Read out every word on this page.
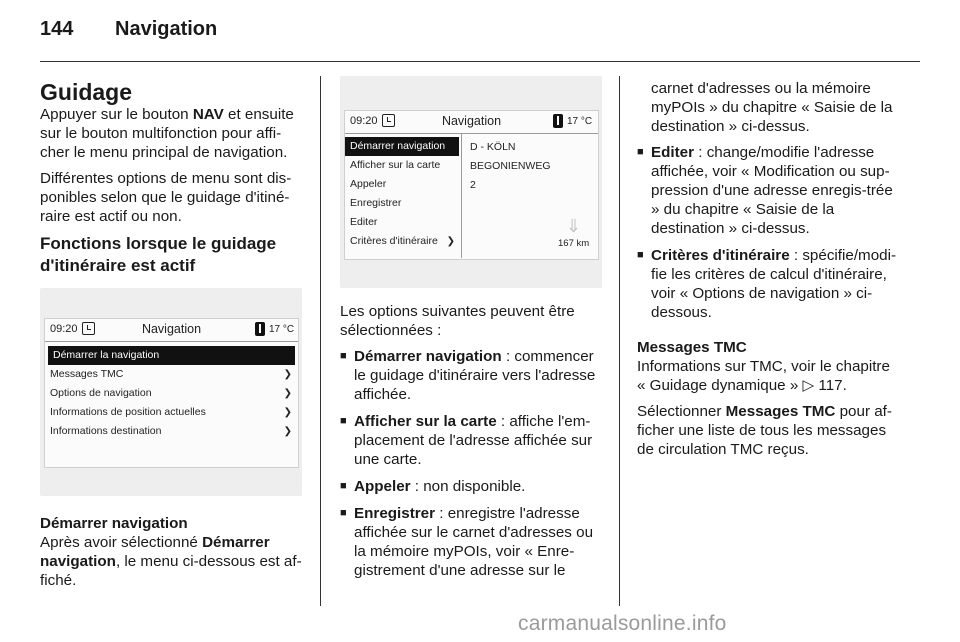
144 Navigation
Guidage

Appuyer sur le bouton NAV et ensuite sur le bouton multifonction pour affi-cher le menu principal de navigation.

Différentes options de menu sont dis-ponibles selon que le guidage d'itiné-raire est actif ou non.

Fonctions lorsque le guidage d'itinéraire est actif
09:20	Navigation	17 °C
Démarrer la navigation
Messages TMC	❯
Options de navigation	❯
Informations de position actuelles	❯
Informations destination	❯
Démarrer navigation

Après avoir sélectionné Démarrer navigation, le menu ci-dessous est af-fiché.

09:20	Navigation	17 °C
Démarrer navigation
Afficher sur la carte
Appeler
Enregistrer
Editer
Critères d'itinéraire ❯
D - KÖLN
BEGONIENWEG
2
⇓
167 km

Les options suivantes peuvent être sélectionnées :

■ Démarrer navigation : commencer le guidage d'itinéraire vers l'adresse affichée.
■ Afficher sur la carte : affiche l'em-placement de l'adresse affichée sur une carte.
■ Appeler : non disponible.
■ Enregistrer : enregistre l'adresse affichée sur le carnet d'adresses ou la mémoire myPOIs, voir « Enre-gistrement d'une adresse sur le

carnet d'adresses ou la mémoire myPOIs » du chapitre « Saisie de la destination » ci-dessus.

■ Editer : change/modifie l'adresse affichée, voir « Modification ou sup-pression d'une adresse enregis-trée » du chapitre « Saisie de la destination » ci-dessus.
■ Critères d'itinéraire : spécifie/modi-fie les critères de calcul d'itinéraire, voir « Options de navigation » ci-dessous.
Messages TMC

Informations sur TMC, voir le chapitre « Guidage dynamique » ▷ 117.

Sélectionner Messages TMC pour af-ficher une liste de tous les messages de circulation TMC reçus.

carmanualsonline.info
